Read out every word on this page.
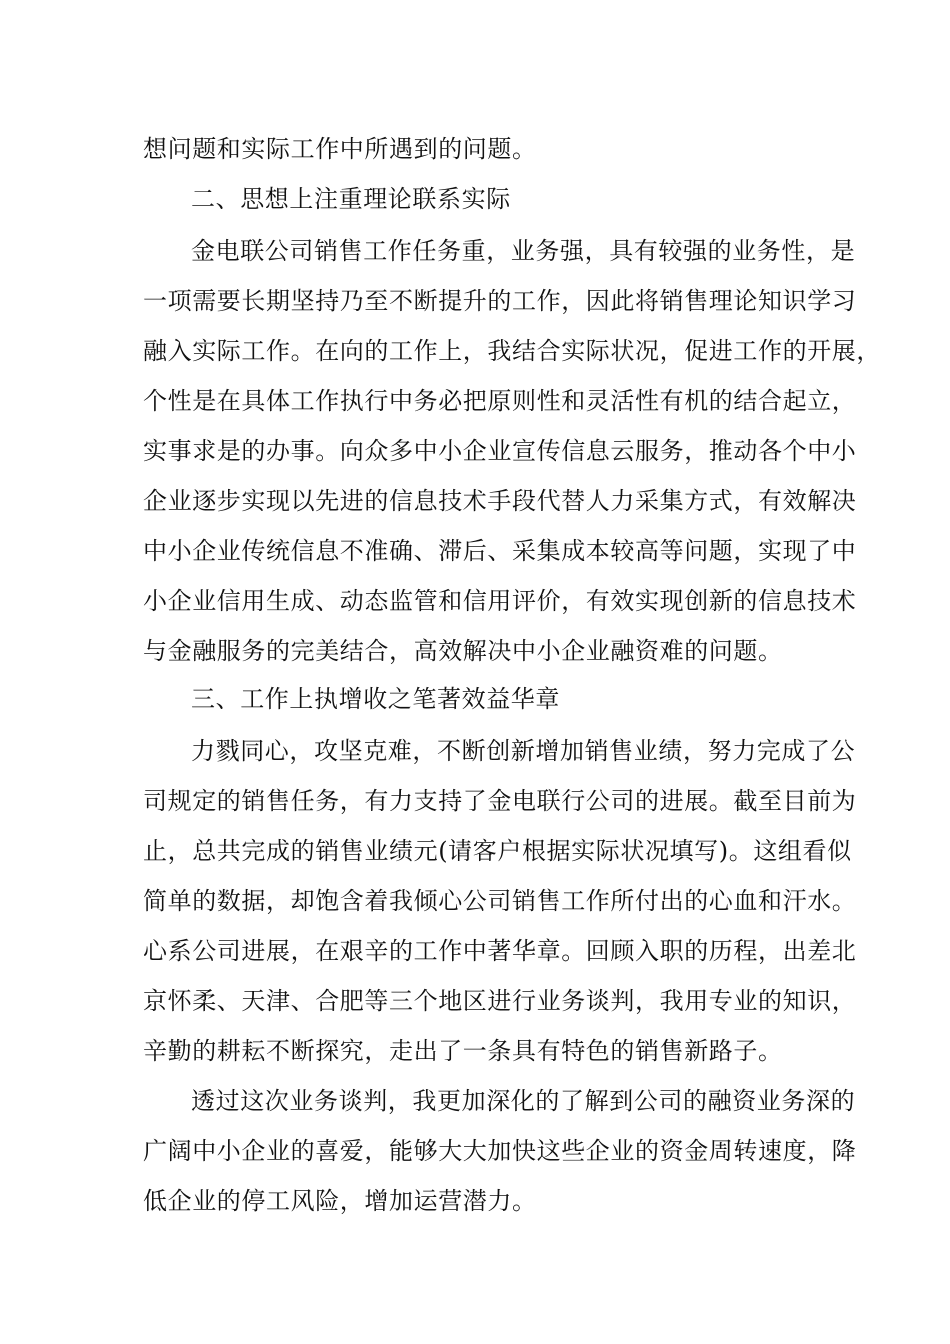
想问题和实际工作中所遇到的问题。
二、思想上注重理论联系实际
金电联公司销售工作任务重，业务强，具有较强的业务性，是
一项需要长期坚持乃至不断提升的工作，因此将销售理论知识学习
融入实际工作。在向的工作上，我结合实际状况，促进工作的开展，
个性是在具体工作执行中务必把原则性和灵活性有机的结合起立，
实事求是的办事。向众多中小企业宣传信息云服务，推动各个中小
企业逐步实现以先进的信息技术手段代替人力采集方式，有效解决
中小企业传统信息不准确、滞后、采集成本较高等问题，实现了中
小企业信用生成、动态监管和信用评价，有效实现创新的信息技术
与金融服务的完美结合，高效解决中小企业融资难的问题。
三、工作上执增收之笔著效益华章
力戮同心，攻坚克难，不断创新增加销售业绩，努力完成了公
司规定的销售任务，有力支持了金电联行公司的进展。截至目前为
止，总共完成的销售业绩元(请客户根据实际状况填写)。这组看似
简单的数据，却饱含着我倾心公司销售工作所付出的心血和汗水。
心系公司进展，在艰辛的工作中著华章。回顾入职的历程，出差北
京怀柔、天津、合肥等三个地区进行业务谈判，我用专业的知识，
辛勤的耕耘不断探究，走出了一条具有特色的销售新路子。
透过这次业务谈判，我更加深化的了解到公司的融资业务深的
广阔中小企业的喜爱，能够大大加快这些企业的资金周转速度，降
低企业的停工风险，增加运营潜力。
